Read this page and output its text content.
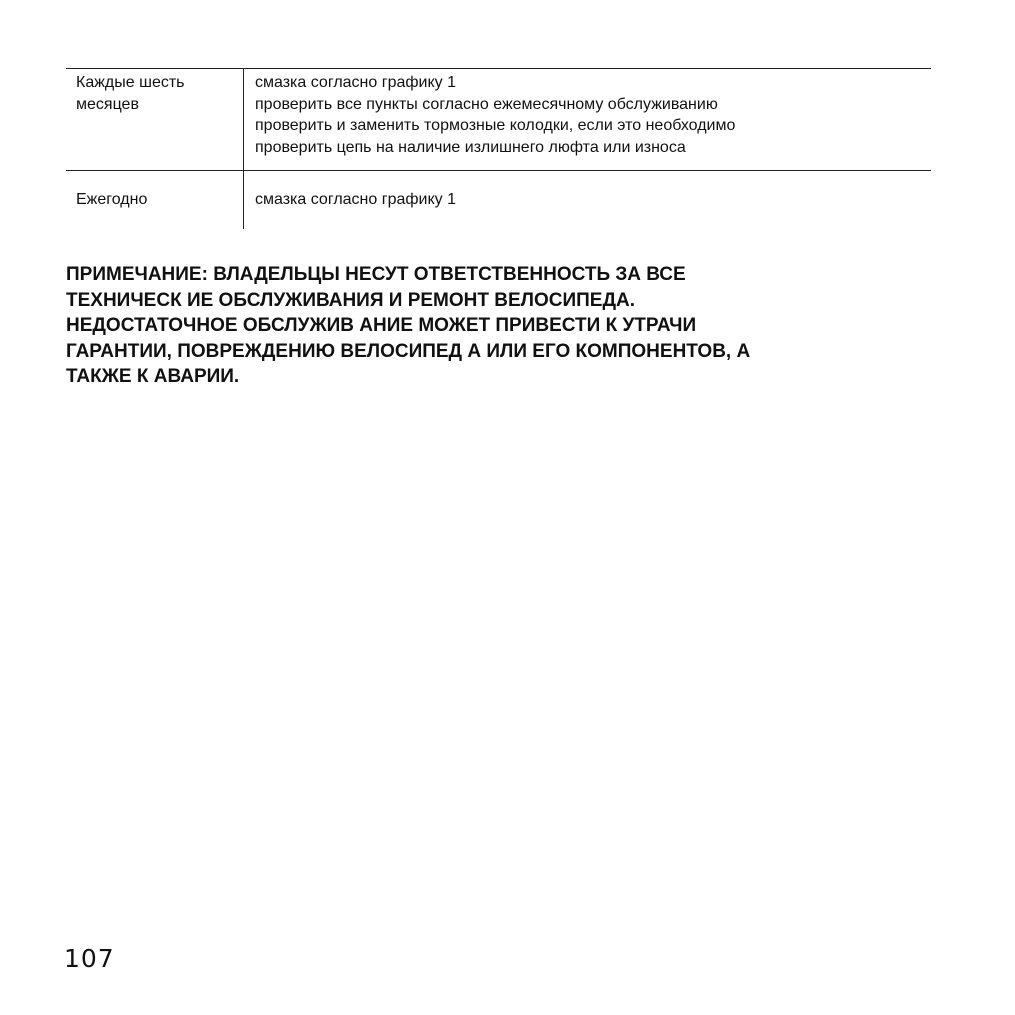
Каждые шесть месяцев	смазка согласно графику 1
проверить все пункты согласно ежемесячному обслуживанию
проверить и заменить тормозные колодки, если это необходимо
проверить цепь на наличие излишнего люфта или износа

Ежегодно	смазка согласно графику 1

ПРИМЕЧАНИЕ: ВЛАДЕЛЬЦЫ НЕСУТ ОТВЕТСТВЕННОСТЬ ЗА ВСЕ
ТЕХНИЧЕСК ИЕ ОБСЛУЖИВАНИЯ И РЕМОНТ ВЕЛОСИПЕДА.
НЕДОСТАТОЧНОЕ ОБСЛУЖИВ АНИЕ МОЖЕТ ПРИВЕСТИ К УТРАЧИ
ГАРАНТИИ, ПОВРЕЖДЕНИЮ ВЕЛОСИПЕД А ИЛИ ЕГО КОМПОНЕНТОВ, А
ТАКЖЕ К АВАРИИ.

107
